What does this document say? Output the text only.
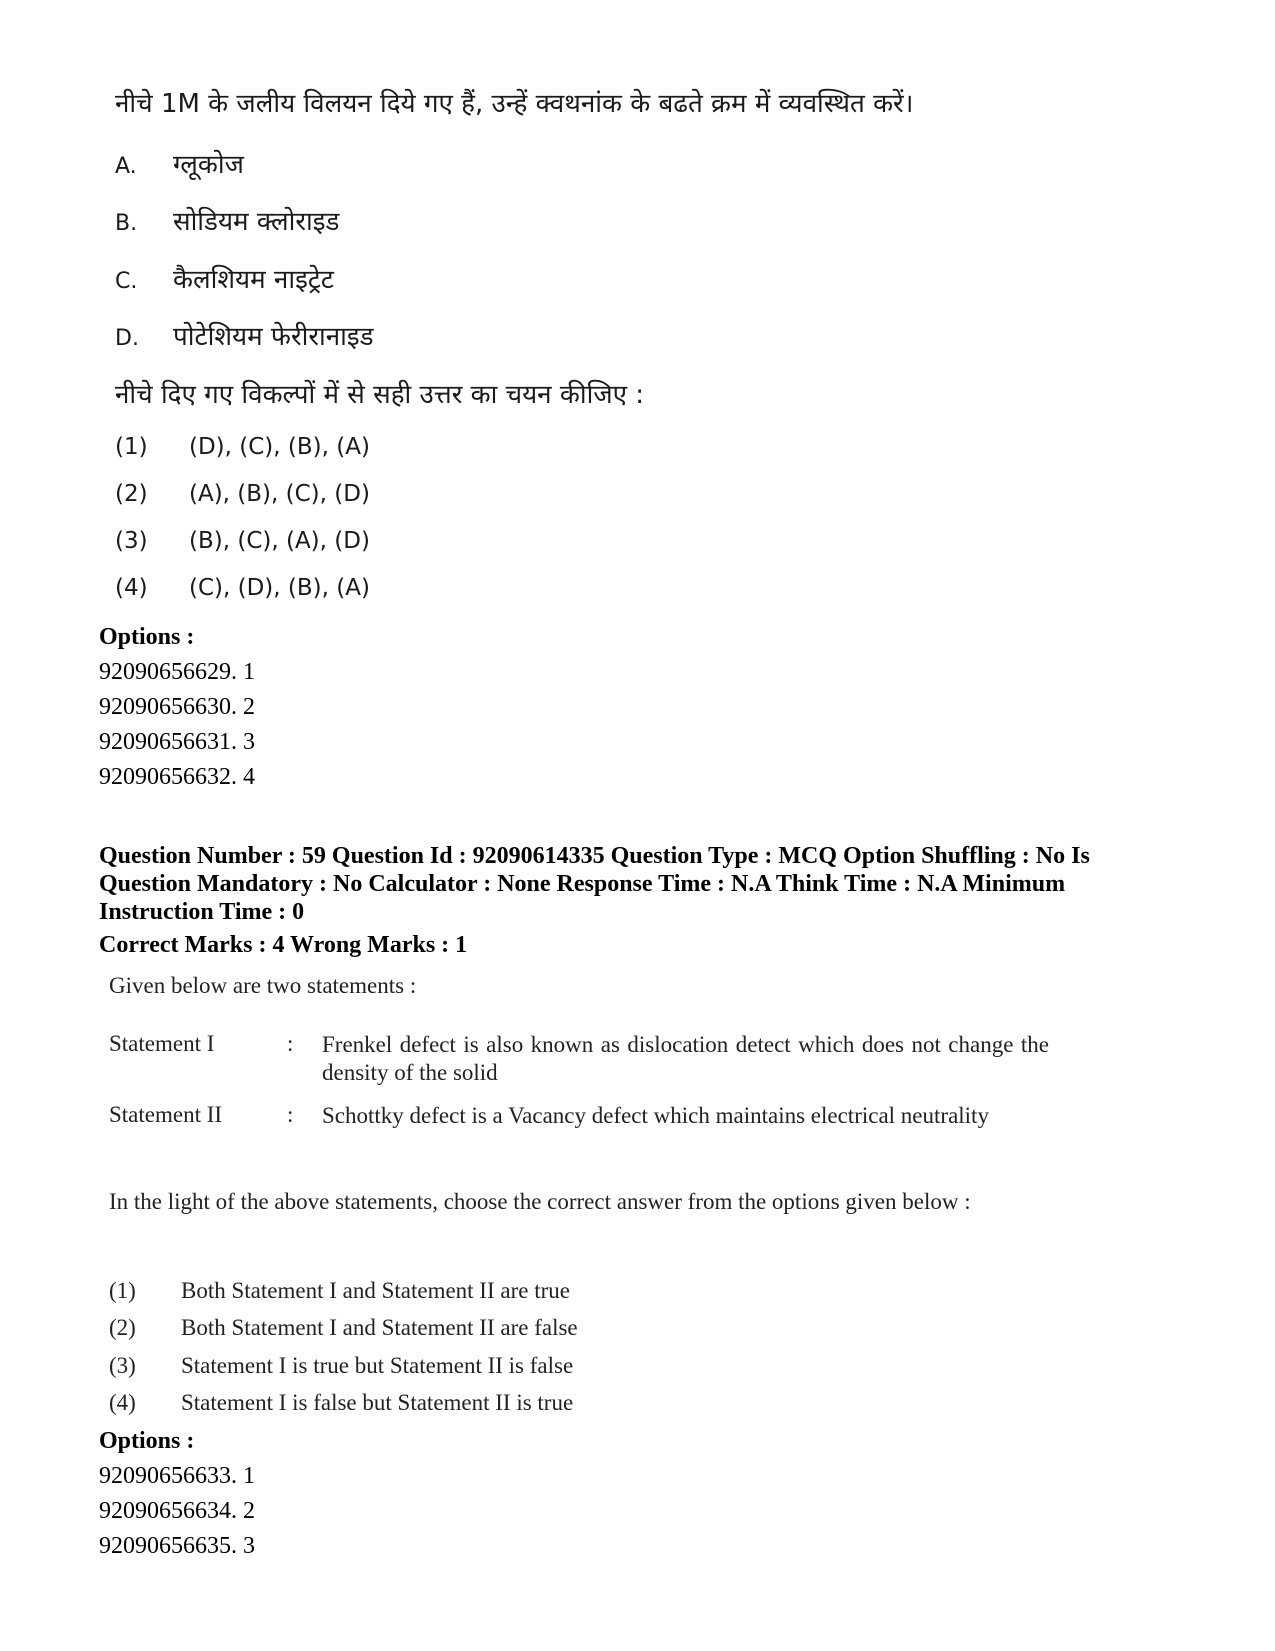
नीचे 1M के जलीय विलयन दिये गए हैं, उन्हें क्वथनांक के बढते क्रम में व्यवस्थित करें।
A. ग्लूकोज
B. सोडियम क्लोराइड
C. कैलशियम नाइट्रेट
D. पोटेशियम फेरीरानाइड
नीचे दिए गए विकल्पों में से सही उत्तर का चयन कीजिए :
(1) (D), (C), (B), (A)
(2) (A), (B), (C), (D)
(3) (B), (C), (A), (D)
(4) (C), (D), (B), (A)
Options :
92090656629. 1
92090656630. 2
92090656631. 3
92090656632. 4
Question Number : 59 Question Id : 92090614335 Question Type : MCQ Option Shuffling : No Is Question Mandatory : No Calculator : None Response Time : N.A Think Time : N.A Minimum Instruction Time : 0
Correct Marks : 4 Wrong Marks : 1
Given below are two statements :
Statement I	: Frenkel defect is also known as dislocation detect which does not change the density of the solid
Statement II	: Schottky defect is a Vacancy defect which maintains electrical neutrality
In the light of the above statements, choose the correct answer from the options given below :
(1) Both Statement I and Statement II are true
(2) Both Statement I and Statement II are false
(3) Statement I is true but Statement II is false
(4) Statement I is false but Statement II is true
Options :
92090656633. 1
92090656634. 2
92090656635. 3
